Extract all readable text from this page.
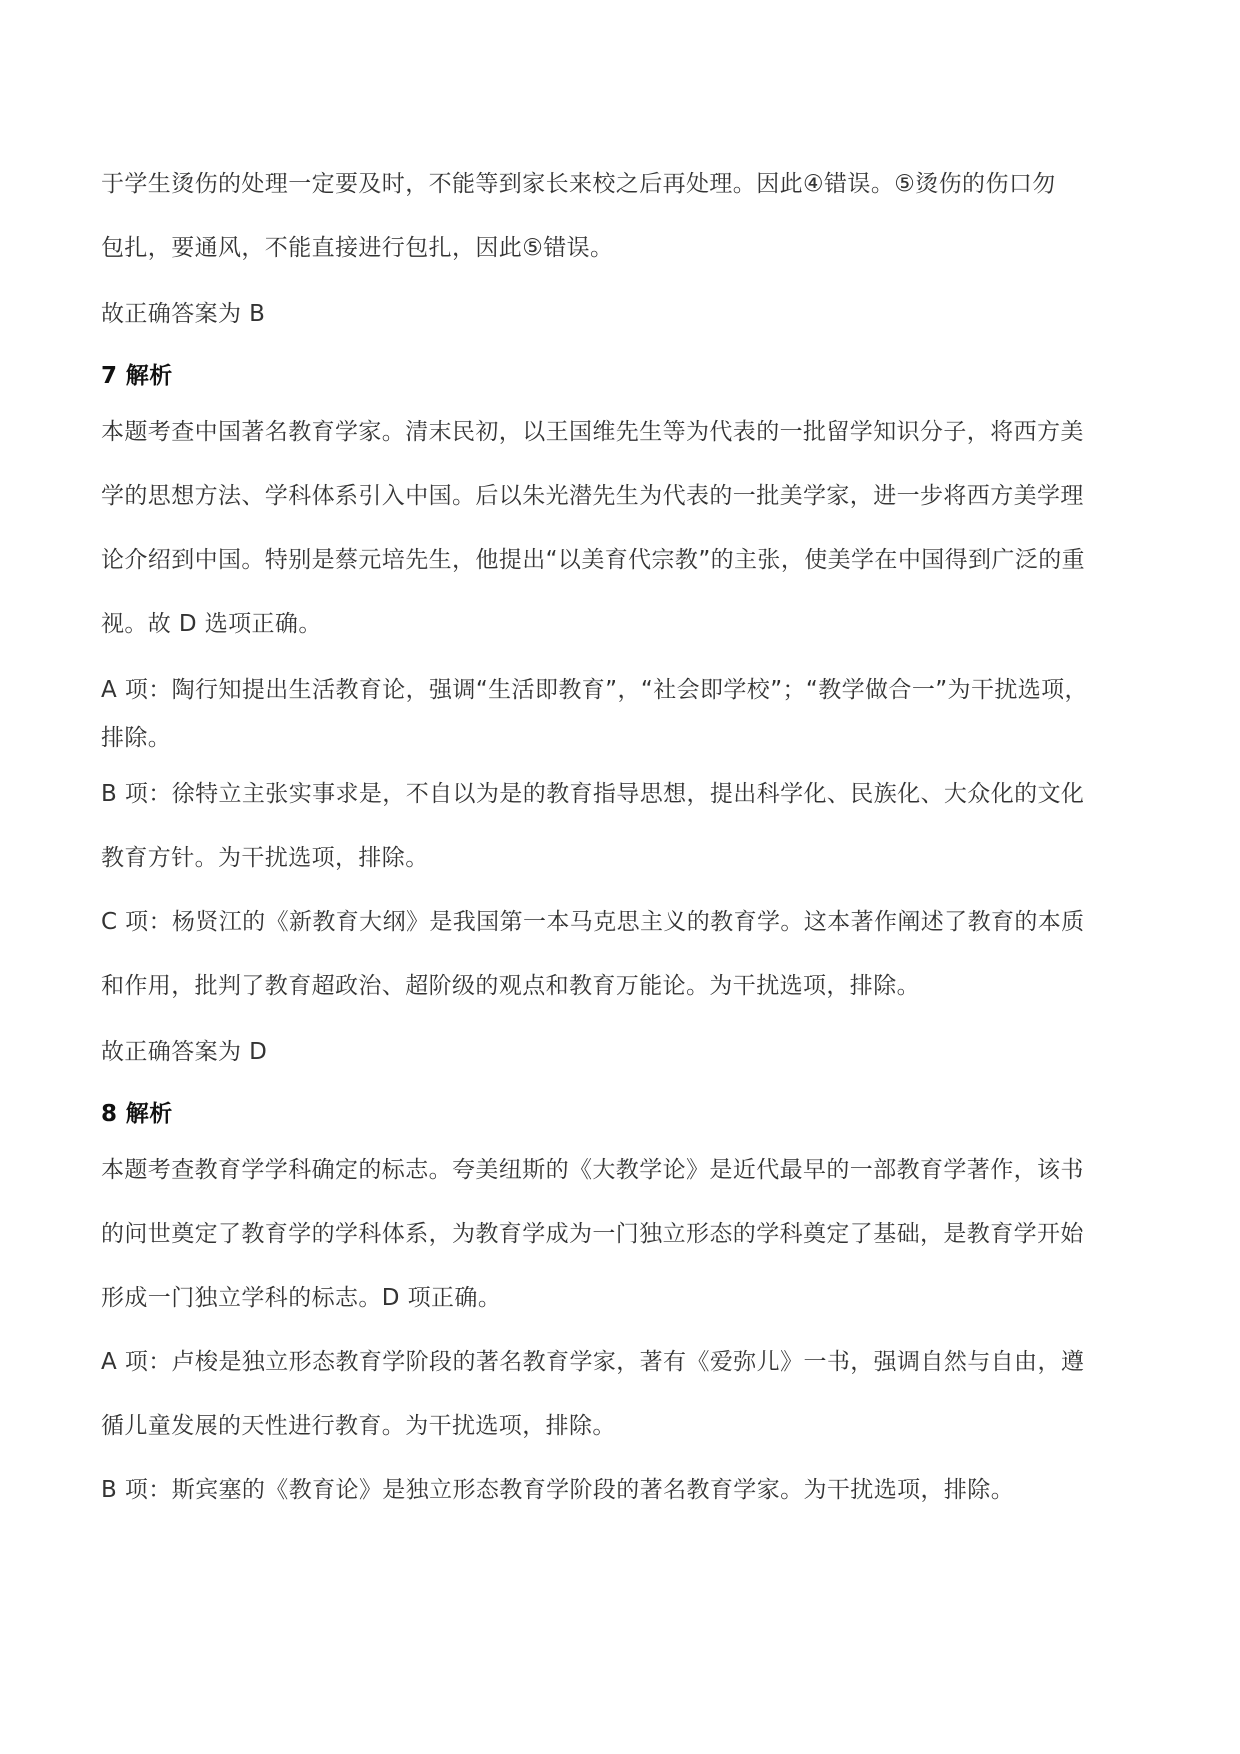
于学生烫伤的处理一定要及时，不能等到家长来校之后再处理。因此④错误。⑤烫伤的伤口勿

包扎，要通风，不能直接进行包扎，因此⑤错误。

故正确答案为 B

7 解析

本题考查中国著名教育学家。清末民初，以王国维先生等为代表的一批留学知识分子，将西方美

学的思想方法、学科体系引入中国。后以朱光潜先生为代表的一批美学家，进一步将西方美学理

论介绍到中国。特别是蔡元培先生，他提出“以美育代宗教”的主张，使美学在中国得到广泛的重

视。故 D 选项正确。

A 项：陶行知提出生活教育论，强调“生活即教育”，“社会即学校”；“教学做合一”为干扰选项，

排除。

B 项：徐特立主张实事求是，不自以为是的教育指导思想，提出科学化、民族化、大众化的文化

教育方针。为干扰选项，排除。

C 项：杨贤江的《新教育大纲》是我国第一本马克思主义的教育学。这本著作阐述了教育的本质

和作用，批判了教育超政治、超阶级的观点和教育万能论。为干扰选项，排除。

故正确答案为 D

8 解析

本题考查教育学学科确定的标志。夸美纽斯的《大教学论》是近代最早的一部教育学著作，该书

的问世奠定了教育学的学科体系，为教育学成为一门独立形态的学科奠定了基础，是教育学开始

形成一门独立学科的标志。D 项正确。

A 项：卢梭是独立形态教育学阶段的著名教育学家，著有《爱弥儿》一书，强调自然与自由，遵

循儿童发展的天性进行教育。为干扰选项，排除。

B 项：斯宾塞的《教育论》是独立形态教育学阶段的著名教育学家。为干扰选项，排除。
